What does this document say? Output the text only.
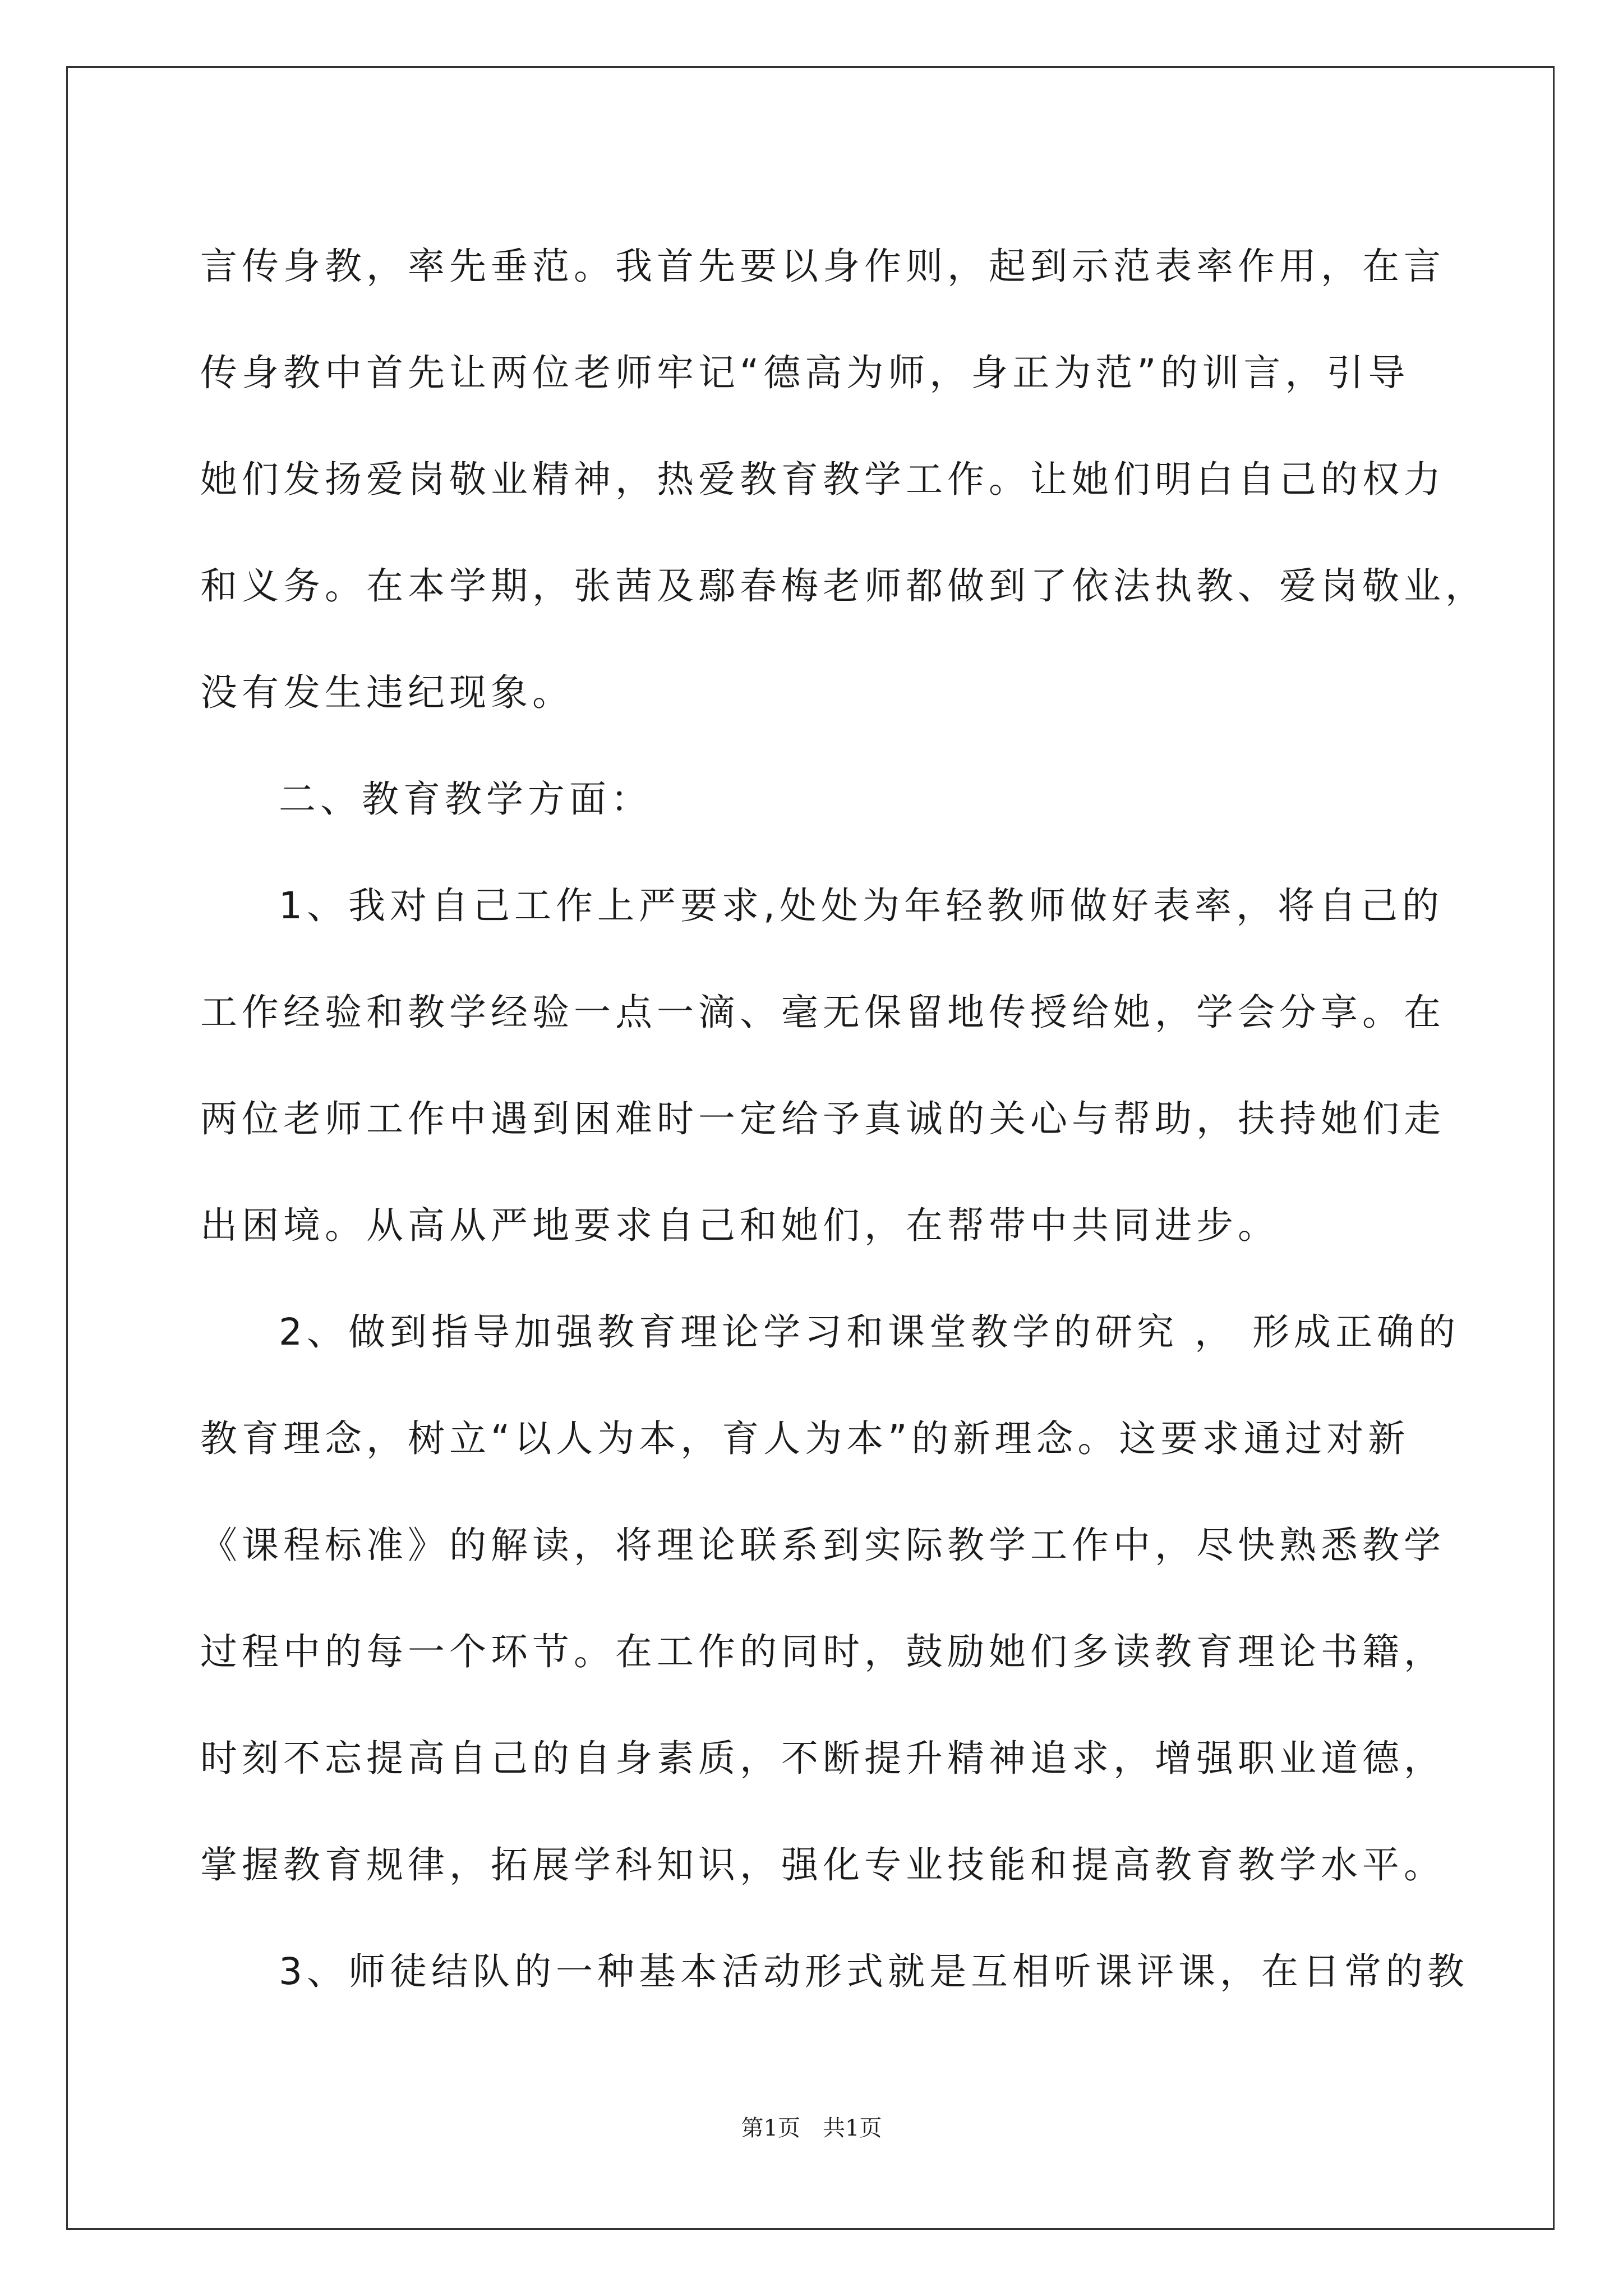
言传身教，率先垂范。我首先要以身作则，起到示范表率作用，在言
传身教中首先让两位老师牢记“德高为师，身正为范”的训言，引导
她们发扬爱岗敬业精神，热爱教育教学工作。让她们明白自己的权力
和义务。在本学期，张茜及鄢春梅老师都做到了依法执教、爱岗敬业，
没有发生违纪现象。
二、教育教学方面：
1、我对自己工作上严要求,处处为年轻教师做好表率，将自己的
工作经验和教学经验一点一滴、毫无保留地传授给她，学会分享。在
两位老师工作中遇到困难时一定给予真诚的关心与帮助，扶持她们走
出困境。从高从严地要求自己和她们，在帮带中共同进步。
2、做到指导加强教育理论学习和课堂教学的研究 ， 形成正确的
教育理念，树立“以人为本，育人为本”的新理念。这要求通过对新
《课程标准》的解读，将理论联系到实际教学工作中，尽快熟悉教学
过程中的每一个环节。在工作的同时，鼓励她们多读教育理论书籍，
时刻不忘提高自己的自身素质，不断提升精神追求，增强职业道德，
掌握教育规律，拓展学科知识，强化专业技能和提高教育教学水平。
3、师徒结队的一种基本活动形式就是互相听课评课，在日常的教
第1页 共1页
